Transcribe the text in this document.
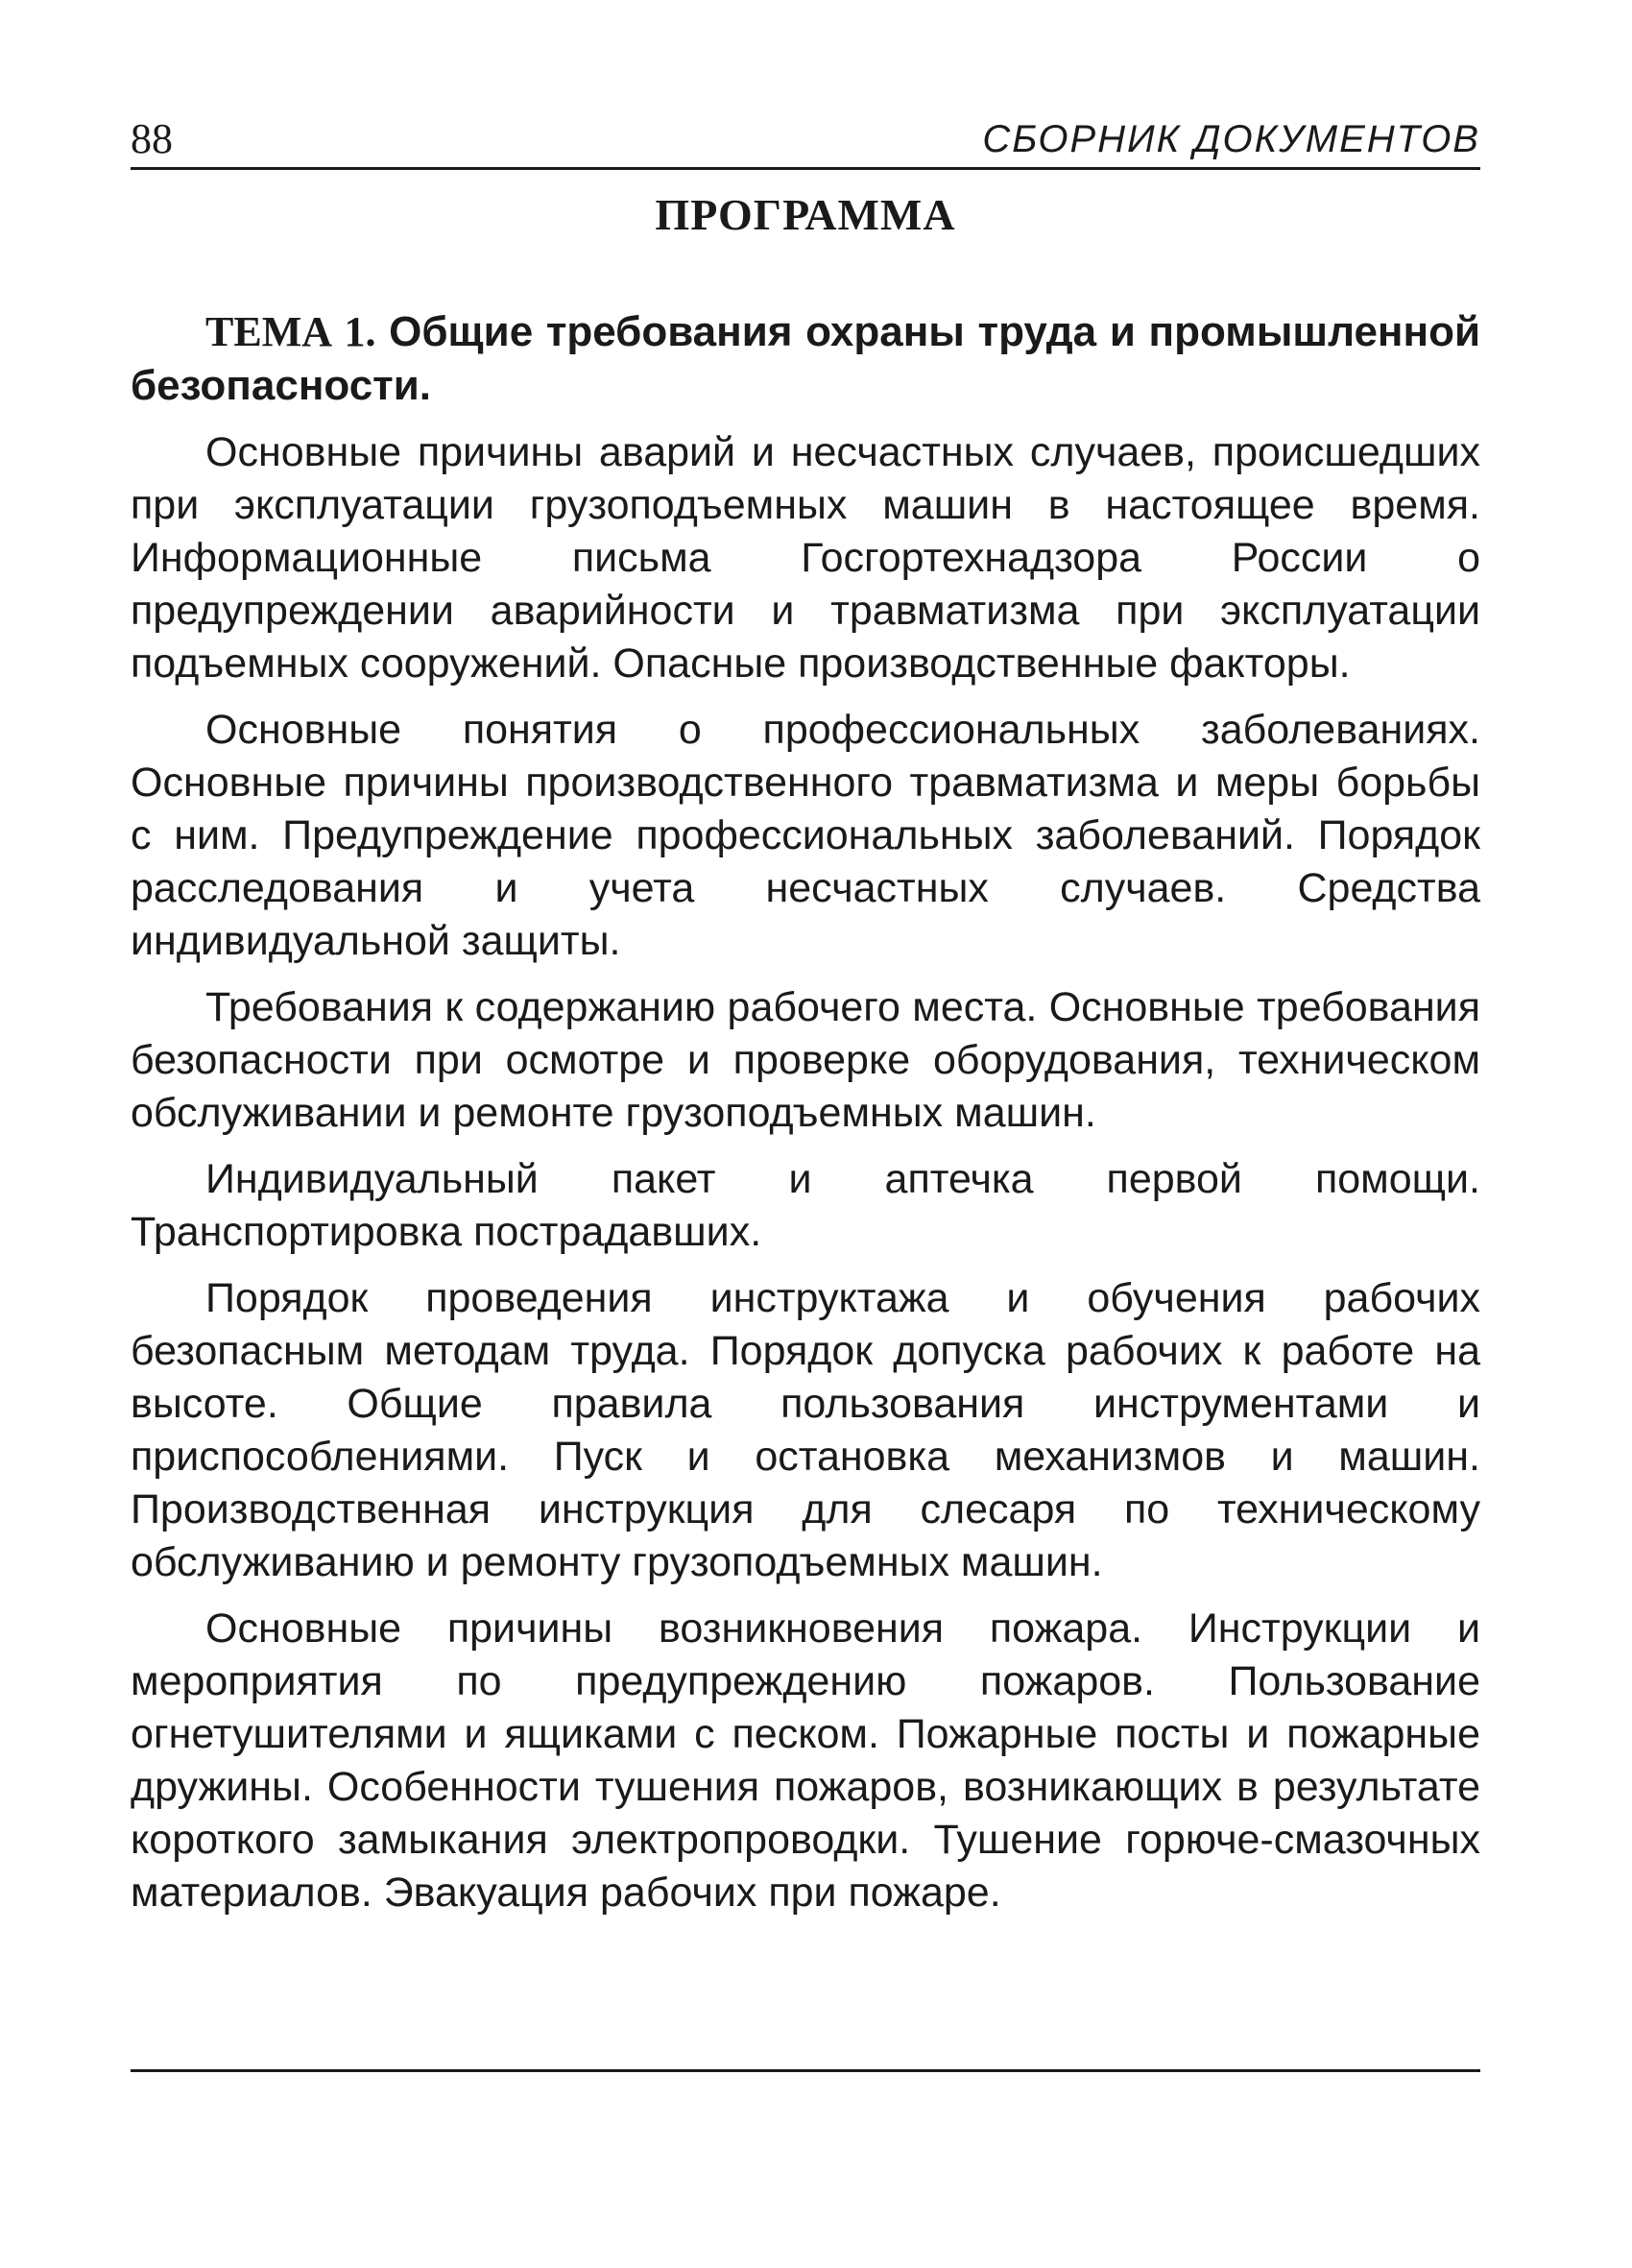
88	СБОРНИК ДОКУМЕНТОВ
ПРОГРАММА

ТЕМА 1. Общие требования охраны труда и промышленной безопасности.

Основные причины аварий и несчастных случаев, происшедших при эксплуатации грузоподъемных машин в настоящее время. Информационные письма Госгортехнадзора России о предупреждении аварийности и травматизма при эксплуатации подъемных сооружений. Опасные производственные факторы.

Основные понятия о профессиональных заболеваниях. Основные причины производственного травматизма и меры борьбы с ним. Предупреждение профессиональных заболеваний. Порядок расследования и учета несчастных случаев. Средства индивидуальной защиты.

Требования к содержанию рабочего места. Основные требования безопасности при осмотре и проверке оборудования, техническом обслуживании и ремонте грузоподъемных машин.

Индивидуальный пакет и аптечка первой помощи. Транспортировка пострадавших.

Порядок проведения инструктажа и обучения рабочих безопасным методам труда. Порядок допуска рабочих к работе на высоте. Общие правила пользования инструментами и приспособлениями. Пуск и остановка механизмов и машин. Производственная инструкция для слесаря по техническому обслуживанию и ремонту грузоподъемных машин.

Основные причины возникновения пожара. Инструкции и мероприятия по предупреждению пожаров. Пользование огнетушителями и ящиками с песком. Пожарные посты и пожарные дружины. Особенности тушения пожаров, возникающих в результате короткого замыкания электропроводки. Тушение горюче-смазочных материалов. Эвакуация рабочих при пожаре.
